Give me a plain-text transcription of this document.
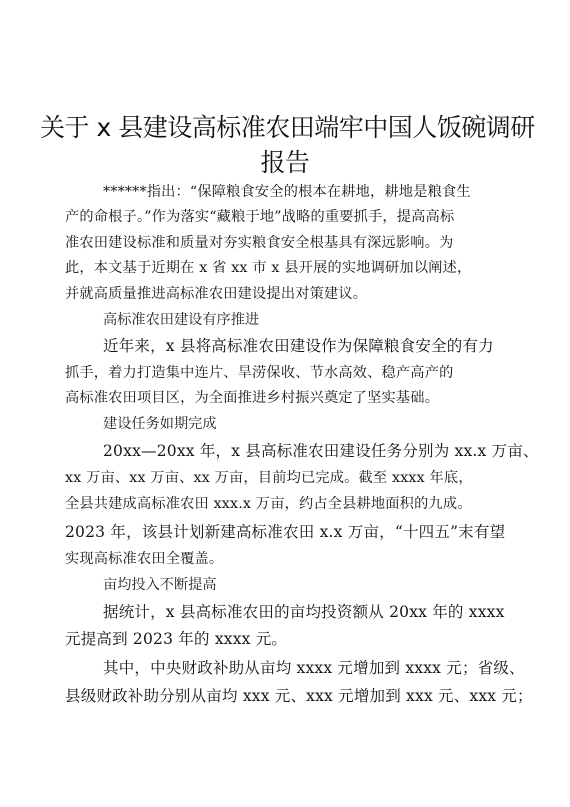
关于 x 县建设高标准农田端牢中国人饭碗调研
报告
******指出：“保障粮食安全的根本在耕地，耕地是粮食生
产的命根子。”作为落实“藏粮于地”战略的重要抓手，提高高标
准农田建设标准和质量对夯实粮食安全根基具有深远影响。为
此，本文基于近期在 x 省 xx 市 x 县开展的实地调研加以阐述，
并就高质量推进高标准农田建设提出对策建议。
高标准农田建设有序推进
近年来，x 县将高标准农田建设作为保障粮食安全的有力
抓手，着力打造集中连片、旱涝保收、节水高效、稳产高产的
高标准农田项目区，为全面推进乡村振兴奠定了坚实基础。
建设任务如期完成
20xx—20xx 年，x 县高标准农田建设任务分别为 xx.x 万亩、
xx 万亩、xx 万亩、xx 万亩，目前均已完成。截至 xxxx 年底，
全县共建成高标准农田 xxx.x 万亩，约占全县耕地面积的九成。
2023 年，该县计划新建高标准农田 x.x 万亩，“十四五”末有望
实现高标准农田全覆盖。
亩均投入不断提高
据统计，x 县高标准农田的亩均投资额从 20xx 年的 xxxx
元提高到 2023 年的 xxxx 元。
其中，中央财政补助从亩均 xxxx 元增加到 xxxx 元；省级、
县级财政补助分别从亩均 xxx 元、xxx 元增加到 xxx 元、xxx 元；
